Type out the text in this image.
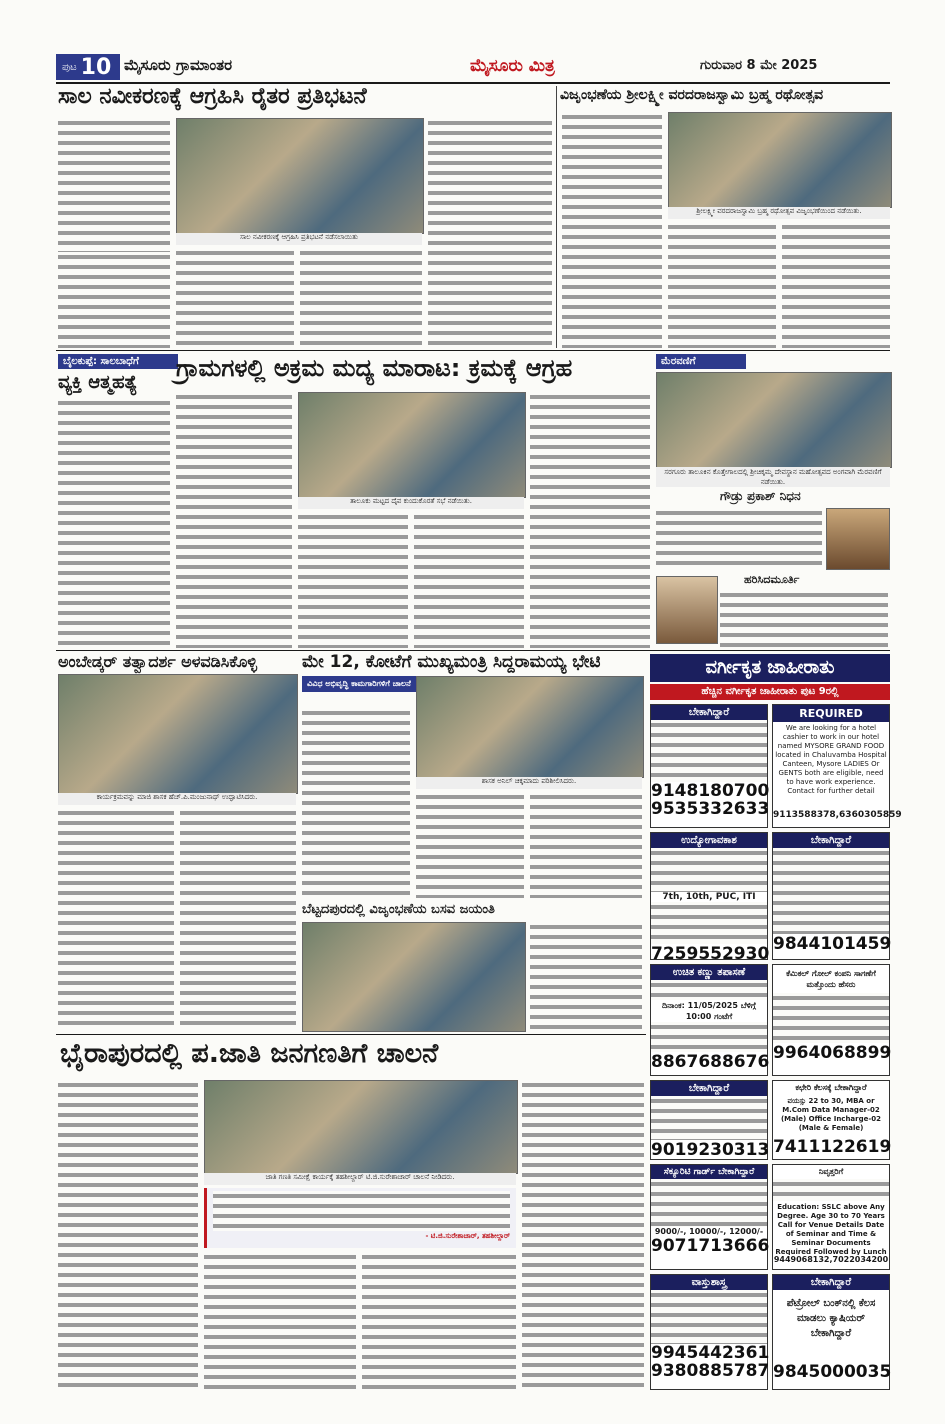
ಪುಟ 10 ಮೈಸೂರು ಗ್ರಾಮಾಂತರ	ಮೈಸೂರು ಮಿತ್ರ	ಗುರುವಾರ 8 ಮೇ 2025
ಸಾಲ ನವೀಕರಣಕ್ಕೆ ಆಗ್ರಹಿಸಿ ರೈತರ ಪ್ರತಿಭಟನೆ
ಸಾಲ ನವೀಕರಣಕ್ಕೆ ಆಗ್ರಹಿಸಿ ಪ್ರತಿಭಟನೆ ನಡೆಸಲಾಯಿತು
ವಿಜೃಂಭಣೆಯ ಶ್ರೀಲಕ್ಷ್ಮೀ ವರದರಾಜಸ್ವಾಮಿ ಬ್ರಹ್ಮ ರಥೋತ್ಸವ
ಶ್ರೀಲಕ್ಷ್ಮೀ ವರದರಾಜಸ್ವಾಮಿ ಬ್ರಹ್ಮ ರಥೋತ್ಸವ ವಿಜೃಂಭಣೆಯಿಂದ ನಡೆಯಿತು.
ಬೈಲಕುಪ್ಪೆ: ಸಾಲಬಾಧೆಗೆ
ವ್ಯಕ್ತಿ ಆತ್ಮಹತ್ಯೆ
ಗ್ರಾಮಗಳಲ್ಲಿ ಅಕ್ರಮ ಮದ್ಯ ಮಾರಾಟ: ಕ್ರಮಕ್ಕೆ ಆಗ್ರಹ
ತಾಲೂಕು ಮಟ್ಟದ ದೈವ ಕುಂದುಕೊರತೆ ಸಭೆ ನಡೆಯಿತು.
ಮೆರವಣಿಗೆ
ಸರಗೂರು ತಾಲೂಕಿನ ಕೊತ್ತೇಗಾಲದಲ್ಲಿ ಶ್ರೀಚಿಕ್ಕಮ್ಮ ದೇವಸ್ಥಾನ ಮಹೋತ್ಸವದ ಅಂಗವಾಗಿ ಮೆರವಣಿಗೆ ನಡೆಯಿತು.
ಗೌಡ್ರು ಪ್ರಕಾಶ್ ನಿಧನ
ಹರಿಸಿದಮೂರ್ತಿ
ಅಂಬೇಡ್ಕರ್ ತತ್ವಾದರ್ಶ ಅಳವಡಿಸಿಕೊಳ್ಳಿ
ಕಾರ್ಯಕ್ರಮವನ್ನು ಮಾಜಿ ಶಾಸಕ ಹೆಚ್.ಪಿ.ಮಂಜುನಾಥ್ ಉದ್ಘಾಟಿಸಿದರು.
ಮೇ 12, ಕೋಟೆಗೆ ಮುಖ್ಯಮಂತ್ರಿ ಸಿದ್ದರಾಮಯ್ಯ ಭೇಟಿ
ವಿವಿಧ ಅಭಿವೃದ್ಧಿ ಕಾಮಗಾರಿಗಳಿಗೆ ಚಾಲನೆ
ಶಾಸಕ ಅನಿಲ್ ಚಿಕ್ಕಮಾದು ಪರಿಶೀಲಿಸಿದರು.
ಬೆಟ್ಟದಪುರದಲ್ಲಿ ವಿಜೃಂಭಣೆಯ ಬಸವ ಜಯಂತಿ
ವರ್ಗೀಕೃತ ಜಾಹೀರಾತು
ಹೆಚ್ಚಿನ ವರ್ಗೀಕೃತ ಜಾಹೀರಾತು ಪುಟ 9ರಲ್ಲಿ
ಬೇಕಾಗಿದ್ದಾರೆ
9148180700
9535332633
REQUIRED
We are looking for a hotel cashier to work in our hotel named MYSORE GRAND FOOD located in Chaluvamba Hospital Canteen, Mysore LADIES Or GENTS both are eligible, need to have work experience. Contact for further detail
9113588378,6360305859
ಉದ್ಯೋಗಾವಕಾಶ
7th, 10th, PUC, ITI
7259552930
ಬೇಕಾಗಿದ್ದಾರೆ
9844101459
ಉಚಿತ ಕಣ್ಣು ತಪಾಸಣೆ
ದಿನಾಂಕ: 11/05/2025 ಬೆಳಿಗ್ಗೆ 10:00 ಗಂಟೆಗೆ
8867688676
ಕೆಮಿಕಲ್ ಗೋಲ್ ಕಂಪನಿ ಸಾಗಣೆಗೆ ಮತ್ತೊಂದು ಹೆಸರು
9964068899
ಬೇಕಾಗಿದ್ದಾರೆ
9019230313
ಕಛೇರಿ ಕೆಲಸಕ್ಕೆ ಬೇಕಾಗಿದ್ದಾರೆ
ವಯಸ್ಸು 22 to 30, MBA or M.Com Data Manager-02 (Male) Office Incharge-02 (Male & Female)
7411122619
ಸೆಕ್ಯೂರಿಟಿ ಗಾರ್ಡ್ ಬೇಕಾಗಿದ್ದಾರೆ
9000/-, 10000/-, 12000/-
9071713666
ನಿವೃತ್ತರಿಗೆ
Education: SSLC above Any Degree. Age 30 to 70 Years Call for Venue Details Date of Seminar and Time & Seminar Documents Required Followed by Lunch
9449068132,7022034200
ವಾಸ್ತುಶಾಸ್ತ್ರ
9945442361
9380885787
ಬೇಕಾಗಿದ್ದಾರೆ
ಪೆಟ್ರೋಲ್ ಬಂಕ್‌ನಲ್ಲಿ ಕೆಲಸ ಮಾಡಲು ಕ್ಯಾಷಿಯರ್ ಬೇಕಾಗಿದ್ದಾರೆ
9845000035
ಭೈರಾಪುರದಲ್ಲಿ ಪ.ಜಾತಿ ಜನಗಣತಿಗೆ ಚಾಲನೆ
ಜಾತಿ ಗಣತಿ ಸಮೀಕ್ಷೆ ಕಾರ್ಯಕ್ಕೆ ತಹಶೀಲ್ದಾರ್ ಟಿ.ಜಿ.ಸುರೇಶಾಚಾರ್ ಚಾಲನೆ ನೀಡಿದರು.
- ಟಿ.ಜಿ.ಸುರೇಶಾಚಾರ್, ತಹಶೀಲ್ದಾರ್
